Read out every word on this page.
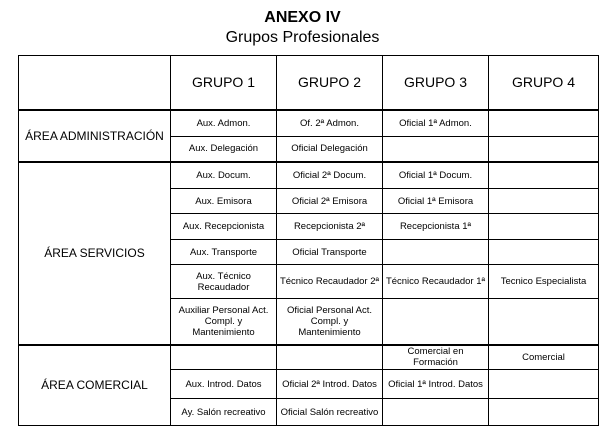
ANEXO IV
Grupos Profesionales
	GRUPO 1	GRUPO 2	GRUPO 3	GRUPO 4
ÁREA ADMINISTRACIÓN	Aux. Admon.	Of. 2ª Admon.	Oficial 1ª Admon.	
	Aux. Delegación	Oficial Delegación		
ÁREA SERVICIOS	Aux. Docum.	Oficial 2ª Docum.	Oficial 1ª Docum.	
	Aux. Emisora	Oficial 2ª Emisora	Oficial 1ª Emisora	
	Aux. Recepcionista	Recepcionista 2ª	Recepcionista 1ª	
	Aux. Transporte	Oficial Transporte		
	Aux. Técnico Recaudador	Técnico Recaudador 2ª	Técnico Recaudador 1ª	Tecnico Especialista
	Auxiliar Personal Act. Compl. y Mantenimiento	Oficial Personal Act. Compl. y Mantenimiento		
ÁREA COMERCIAL			Comercial en Formación	Comercial
	Aux. Introd. Datos	Oficial 2ª Introd. Datos	Oficial 1ª Introd. Datos	
	Ay. Salón recreativo	Oficial Salón recreativo		
